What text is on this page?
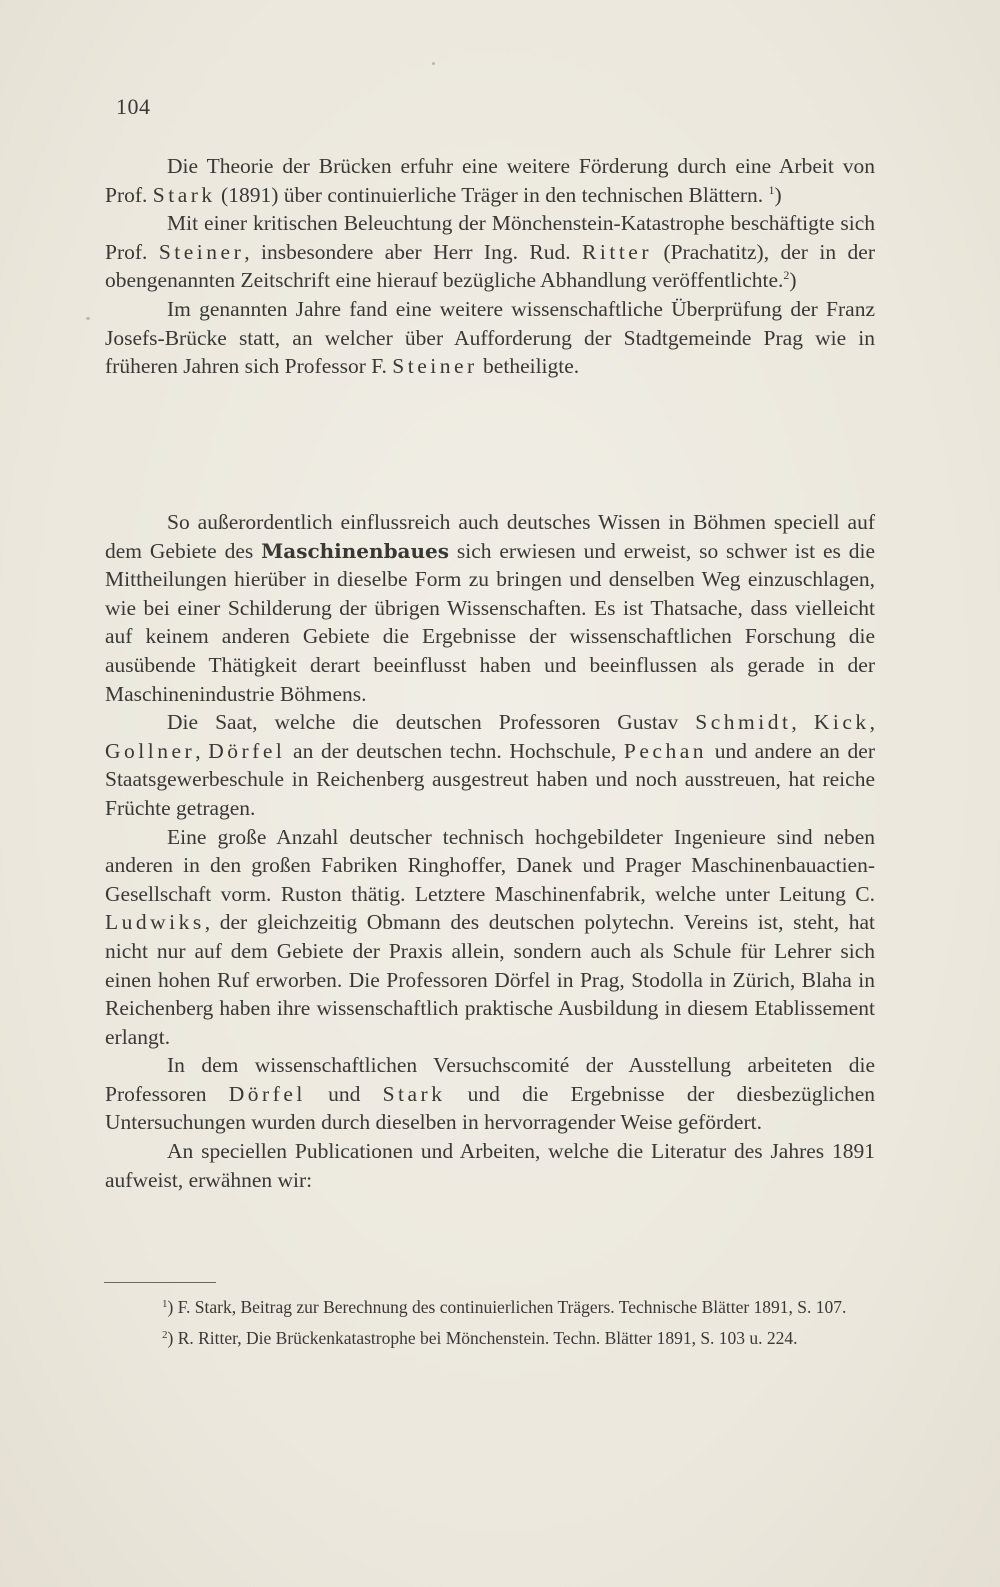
104

Die Theorie der Brücken erfuhr eine weitere Förderung durch eine Arbeit von Prof. Stark (1891) über continuierliche Träger in den technischen Blättern. $^1$)

Mit einer kritischen Beleuchtung der Mönchenstein-Katastrophe beschäftigte sich Prof. Steiner, insbesondere aber Herr Ing. Rud. Ritter (Prachatitz), der in der obengenannten Zeitschrift eine hierauf bezügliche Abhandlung veröffentlichte.$^2$)

Im genannten Jahre fand eine weitere wissenschaftliche Überprüfung der Franz Josefs-Brücke statt, an welcher über Aufforderung der Stadtgemeinde Prag wie in früheren Jahren sich Professor F. Steiner betheiligte.

So außerordentlich einflussreich auch deutsches Wissen in Böhmen speciell auf dem Gebiete des Maschinenbaues sich erwiesen und erweist, so schwer ist es die Mittheilungen hierüber in dieselbe Form zu bringen und denselben Weg einzuschlagen, wie bei einer Schilderung der übrigen Wissenschaften. Es ist Thatsache, dass vielleicht auf keinem anderen Gebiete die Ergebnisse der wissenschaftlichen Forschung die ausübende Thätigkeit derart beeinflusst haben und beeinflussen als gerade in der Maschinenindustrie Böhmens.

Die Saat, welche die deutschen Professoren Gustav Schmidt, Kick, Gollner, Dörfel an der deutschen techn. Hochschule, Pechan und andere an der Staatsgewerbeschule in Reichenberg ausgestreut haben und noch ausstreuen, hat reiche Früchte getragen.

Eine große Anzahl deutscher technisch hochgebildeter Ingenieure sind neben anderen in den großen Fabriken Ringhoffer, Danek und Prager Maschinenbauactien-Gesellschaft vorm. Ruston thätig. Letztere Maschinenfabrik, welche unter Leitung C. Ludwiks, der gleichzeitig Obmann des deutschen polytechn. Vereins ist, steht, hat nicht nur auf dem Gebiete der Praxis allein, sondern auch als Schule für Lehrer sich einen hohen Ruf erworben. Die Professoren Dörfel in Prag, Stodolla in Zürich, Blaha in Reichenberg haben ihre wissenschaftlich praktische Ausbildung in diesem Etablissement erlangt.

In dem wissenschaftlichen Versuchscomité der Ausstellung arbeiteten die Professoren Dörfel und Stark und die Ergebnisse der diesbezüglichen Untersuchungen wurden durch dieselben in hervorragender Weise gefördert.

An speciellen Publicationen und Arbeiten, welche die Literatur des Jahres 1891 aufweist, erwähnen wir:

$^1$) F. Stark, Beitrag zur Berechnung des continuierlichen Trägers. Technische Blätter 1891, S. 107.

$^2$) R. Ritter, Die Brückenkatastrophe bei Mönchenstein. Techn. Blätter 1891, S. 103 u. 224.
